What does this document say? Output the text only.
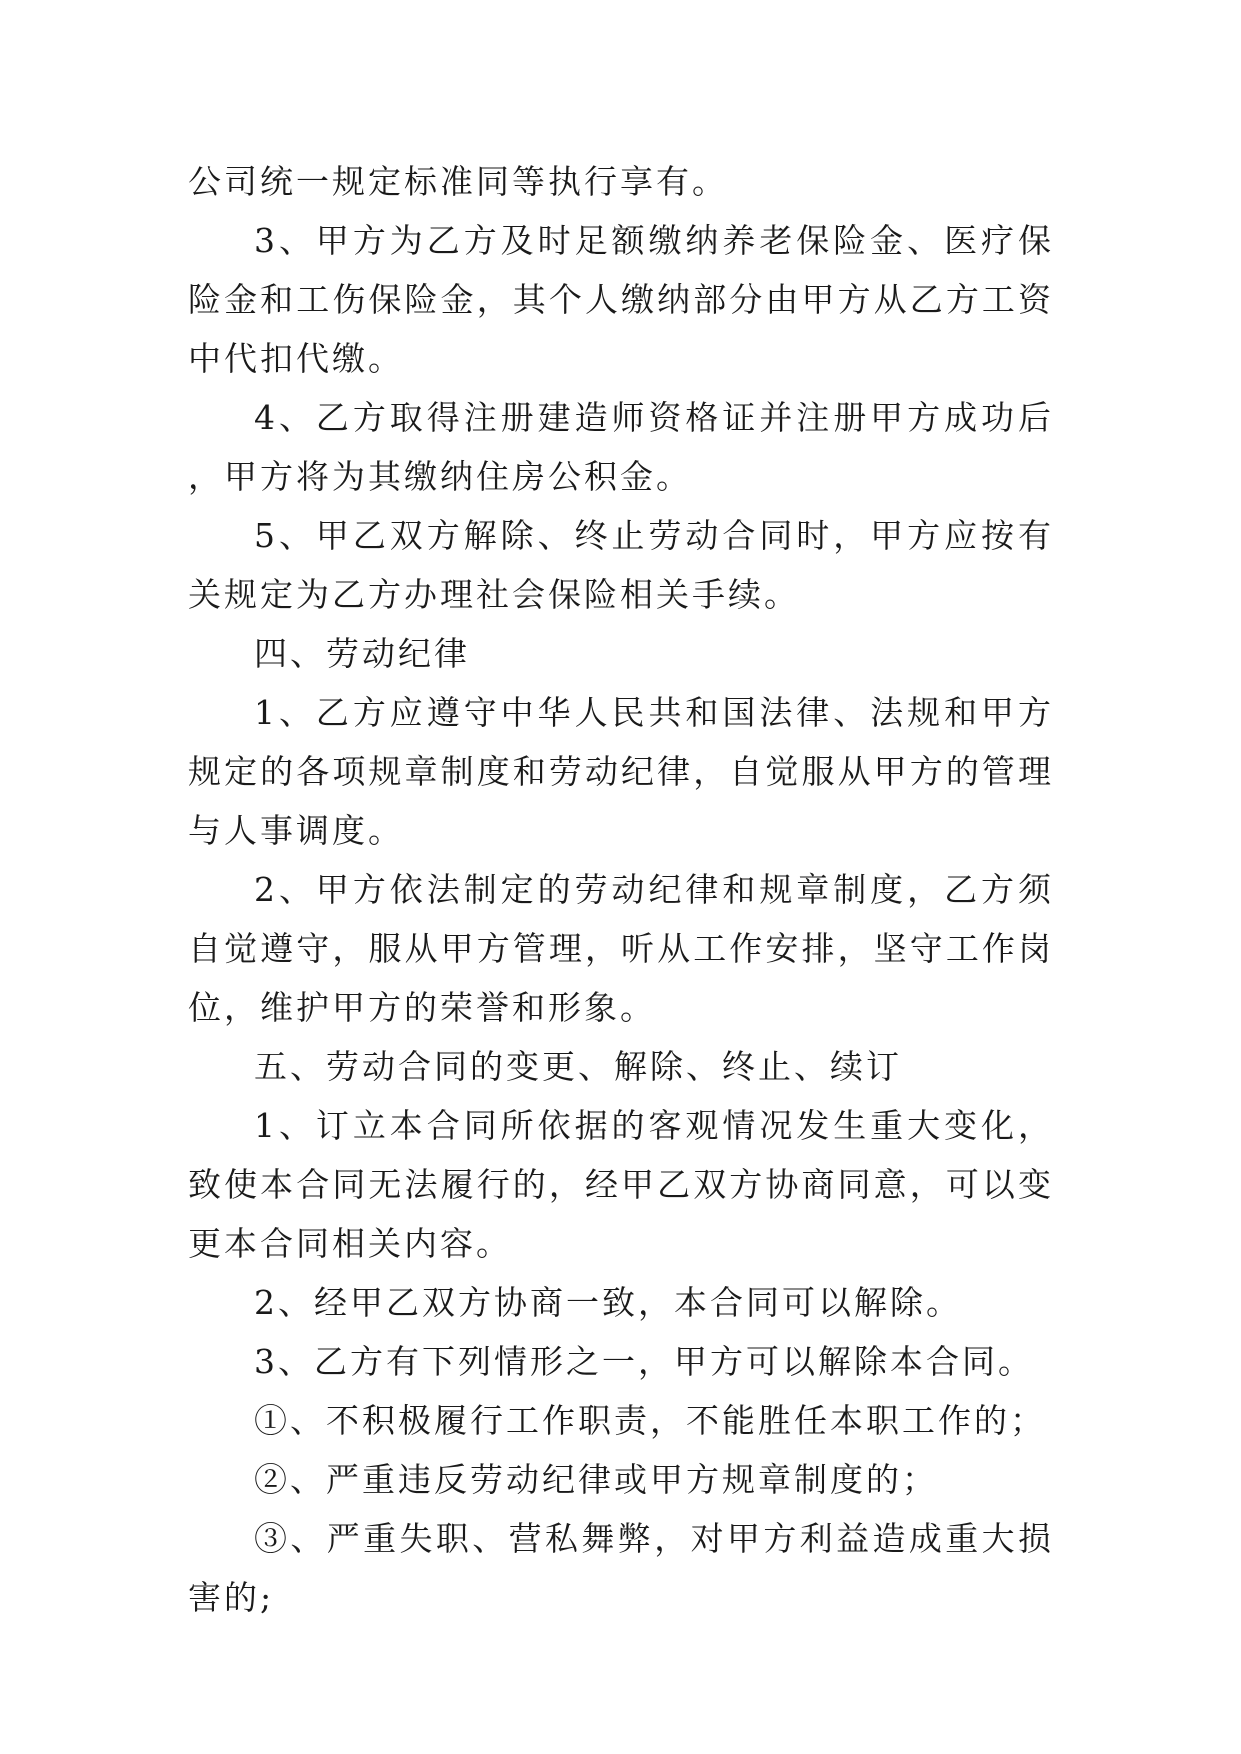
公司统一规定标准同等执行享有。

3、甲方为乙方及时足额缴纳养老保险金、医疗保险金和工伤保险金，其个人缴纳部分由甲方从乙方工资中代扣代缴。

4、乙方取得注册建造师资格证并注册甲方成功后，甲方将为其缴纳住房公积金。

5、甲乙双方解除、终止劳动合同时，甲方应按有关规定为乙方办理社会保险相关手续。

四、劳动纪律

1、乙方应遵守中华人民共和国法律、法规和甲方规定的各项规章制度和劳动纪律，自觉服从甲方的管理与人事调度。

2、甲方依法制定的劳动纪律和规章制度，乙方须自觉遵守，服从甲方管理，听从工作安排，坚守工作岗位，维护甲方的荣誉和形象。

五、劳动合同的变更、解除、终止、续订

1、订立本合同所依据的客观情况发生重大变化，致使本合同无法履行的，经甲乙双方协商同意，可以变更本合同相关内容。

2、经甲乙双方协商一致，本合同可以解除。

3、乙方有下列情形之一，甲方可以解除本合同。

①、不积极履行工作职责，不能胜任本职工作的；

②、严重违反劳动纪律或甲方规章制度的；

③、严重失职、营私舞弊，对甲方利益造成重大损害的;
